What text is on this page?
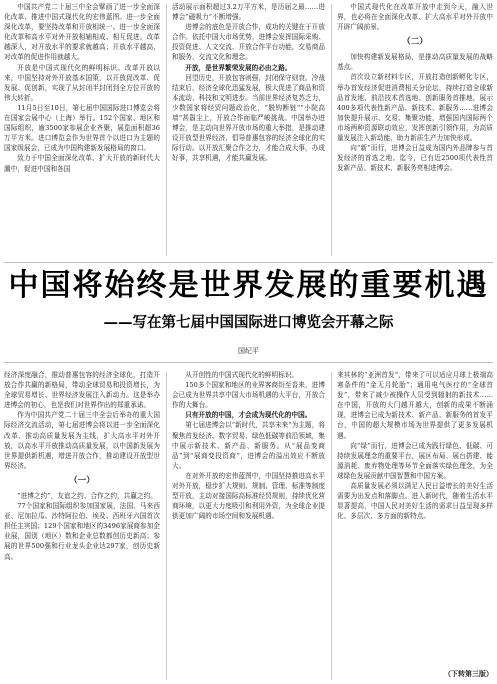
中国共产党二十届三中全会擘画了进一步全面深化改革、推进中国式现代化的宏伟蓝图。进一步全面深化改革，要坚持改革和开放相统一。进一步全面深化改革和高水平对外开放相辅相成、相互促进。改革越深入，对开放水平的要求就越高；开放水平越高，对改革的促进作用就越大。

开放是中国式现代化的鲜明标识。改革开放以来，中国坚持对外开放基本国策，以开放促改革、促发展、促创新，实现了从封闭半封闭到全方位开放的伟大转折。

11月5日至10日，第七届中国国际进口博览会将在国家会展中心（上海）举行。152个国家、地区和国际组织，逾3500家参展企业齐聚，展览面积超36万平方米。进口博览会作为世界首个以进口为主题的国家级展会，已成为中国构建新发展格局的窗口。

致力于中国全面深化改革、扩大开放的新时代大潮中，促进中国和各国

活动展示面积超过3.2万平方米，是历届之最……进博会“磁吸力”不断增强。

进博会的底色是开放合作，成功的关键在于开放合作。依托中国大市场优势，进博会发挥国际采购、投资促进、人文交流、开放合作平台功能，交易商品和服务、交流文化和理念。

开放，是世界繁荣发展的必由之路。

回望历史，开放包容则强，封闭保守则衰。冷战结束后，经济全球化迅猛发展，极大促进了商品和资本流动、科技和文明进步。当前世界经济复苏乏力，少数国家将经贸问题政治化，“脱钩断链”“小院高墙”甚嚣尘上，开放合作面临严峻挑战。中国举办进博会，是主动向世界开放市场的重大举措，是推动建设开放型世界经济、倡导普惠包容的经济全球化的实际行动。以开放汇聚合作之力，才能合成大事，办成好事，共享机遇，才能共赢发展。

中国式现代化在改革开放中走到今天，融入世界，也必将在全面深化改革、扩大高水平对外开放中开辟广阔前景。

（二）

加快构建新发展格局，是推动高质量发展的战略基点。

首次设立新材料专区，开放打造创新孵化专区，举办首发经济促进消费相关分论坛，持续打造全球新品首发地、前沿技术首选地、创新服务首推地，展示400多项代表性新产品、新技术、新服务……进博会加快提升展示、交易、集聚功能，增强国内国际两个市场两种资源联动效应，发挥创新引领作用，为高质量发展注入新动能，助力新质生产力加快形成。

向“新”而行，进博会日益成为国内外品牌参与首发经济的首选之地。迄今，已有近2500项代表性首发新产品、新技术、新服务亮相进博会。

中国将始终是世界发展的重要机遇
——写在第七届中国国际进口博览会开幕之际
国纪平

经济深度融合，推动普惠包容的经济全球化，打造开放合作共赢的新格局，带动全球贸易和投资增长，为全球贸易增长、世界经济发展注入新动力。这是举办进博会的初心，也是我们对世界作出的郑重承诺。

作为中国共产党二十届三中全会后举办的重大国际经济交流活动，第七届进博会将以进一步全面深化改革、推动高质量发展为主线，扩大高水平对外开放，以高水平开放推动高质量发展，以中国新发展为世界提供新机遇，增进开放合作，推动建设开放型世界经济。

（一）

“进博之约”，友谊之约、合作之约，共赢之约。

77个国家和国际组织参加国家展，法国、马来西亚、尼加拉瓜、沙特阿拉伯、埃及、西班牙六国首次担任主宾国；129个国家和地区的3496家展商参加企业展，国别（地区）数和企业总数都创历史新高；参展的世界500强和行业龙头企业达297家，创历史新高。

从开创性的中国式现代化的鲜明标识。

150多个国家和地区的业界客商纷至沓来，进博会已成为世界共享中国大市场机遇的大平台，开放合作的大舞台。

只有开放的中国，才会成为现代化的中国。

第七届进博会以“新时代，共享未来”为主题，将聚焦首发经济、数字贸易、绿色低碳等前沿领域，集中展示新技术、新产品、新服务。从“展品变商品”到“展商变投资商”，进博会的溢出效应不断放大。

在对外开放的宏伟蓝图中，中国坚持推进高水平对外开放，稳步扩大规则、规制、管理、标准等制度型开放，主动对接国际高标准经贸规则，持续优化营商环境，以更大力度吸引和利用外资，为全球企业提供更加广阔的市场空间和发展机遇。

来其林的“亚洲首发”，带来了可以适应月球上极端高寒条件的“金无月轮胎”；通用电气医疗的“全球首发”，带来了减少被操作人员受到辐射的新技术……在中国，开放的大门越开越大，创新的成果不断涌现，进博会已成为新技术、新产品、新服务的首发平台，中国的超大规模市场为世界提供了更多发展机遇。

向“绿”而行，进博会已成为践行绿色、低碳、可持续发展理念的重要平台，展区布局、展台搭建、能源消耗、废弃物处理等环节全面落实绿色理念，为全球绿色发展贡献中国智慧和中国方案。

高质量发展必须以满足人民日益增长的美好生活需要为出发点和落脚点。进入新时代，随着生活水平显著提高，中国人民对美好生活的需求日益呈现多样化、多层次、多方面的新特点。

（下转第三版）
